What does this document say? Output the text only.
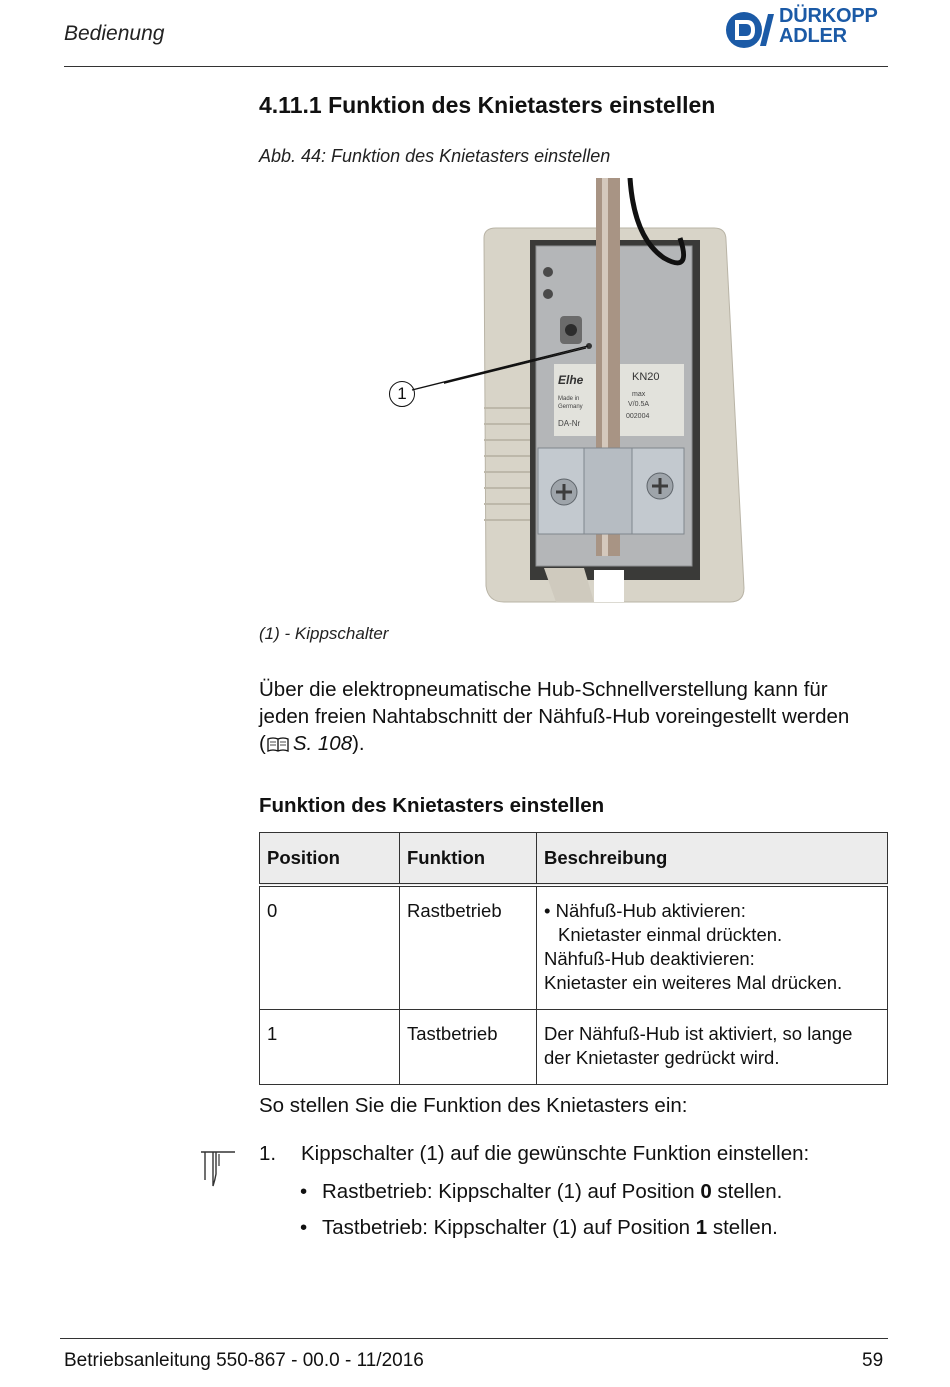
Bedienung
DÜRKOPP
ADLER
4.11.1 Funktion des Knietasters einstellen
Abb. 44: Funktion des Knietasters einstellen
Elhe	KN20
Made in
Germany
max
V/0.5A
002004
DA-Nr
1
(1) - Kippschalter
Über die elektropneumatische Hub-Schnellverstellung kann für
jeden freien Nahtabschnitt der Nähfuß-Hub voreingestellt werden
( S. 108).
Funktion des Knietasters einstellen
Position	Funktion	Beschreibung
0	Rastbetrieb	• Nähfuß-Hub aktivieren:
Knietaster einmal drückten.
Nähfuß-Hub deaktivieren:
Knietaster ein weiteres Mal drücken.

1	Tastbetrieb	Der Nähfuß-Hub ist aktiviert, so lange
der Knietaster gedrückt wird.
So stellen Sie die Funktion des Knietasters ein:
1. Kippschalter (1) auf die gewünschte Funktion einstellen:
• Rastbetrieb: Kippschalter (1) auf Position 0 stellen.
• Tastbetrieb: Kippschalter (1) auf Position 1 stellen.
Betriebsanleitung 550-867 - 00.0 - 11/2016	59
